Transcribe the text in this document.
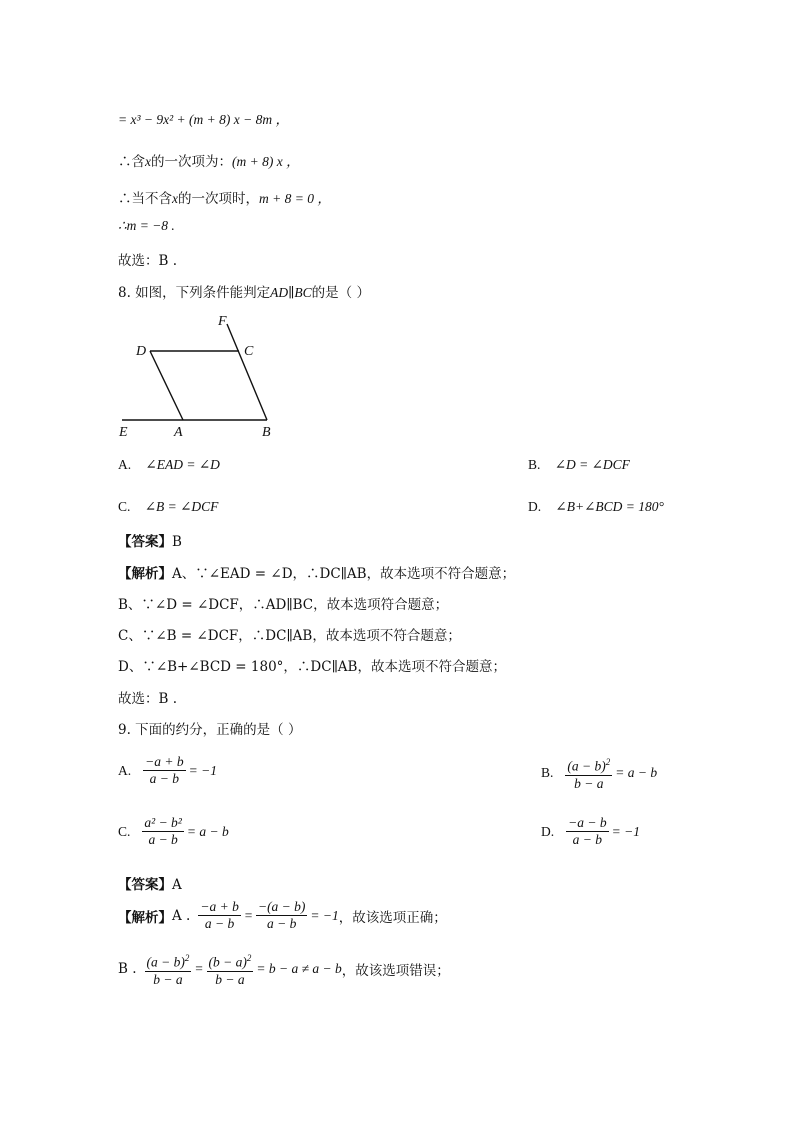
= x³ − 9x² + (m + 8) x − 8m ，
∴含x的一次项为：(m + 8) x ，
∴当不含x的一次项时，m + 8 = 0 ，
∴m = −8 .
故选：B .
8. 如图，下列条件能判定AD∥BC的是（ ）
F
D	C
E	A	B
A. ∠EAD = ∠D	B. ∠D = ∠DCF
C. ∠B = ∠DCF	D. ∠B+∠BCD = 180°
【答案】B
【解析】A、∵∠EAD = ∠D，∴DC∥AB，故本选项不符合题意；
B、∵∠D = ∠DCF，∴AD∥BC，故本选项符合题意；
C、∵∠B = ∠DCF，∴DC∥AB，故本选项不符合题意；
D、∵∠B+∠BCD = 180°，∴DC∥AB，故本选项不符合题意；
故选：B .
9. 下面的约分，正确的是（ ）
A. $\frac{-a + b}{a - b} = -1$	B. $\frac{(a - b)^2}{b - a} = a - b$
C. $\frac{\text{a² − b²}}{a - b} = a - b$	D. $\frac{-a - b}{a - b} = -1$
【答案】A
【解析】 A . $\frac{-a + b}{a - b} = \frac{-(a - b)}{a - b} = -1$ ，故该选项正确；
B . $\frac{(a - b)^2}{b - a} = \frac{(b - a)^2}{b - a} = b - a \ne a - b$ ，故该选项错误；
